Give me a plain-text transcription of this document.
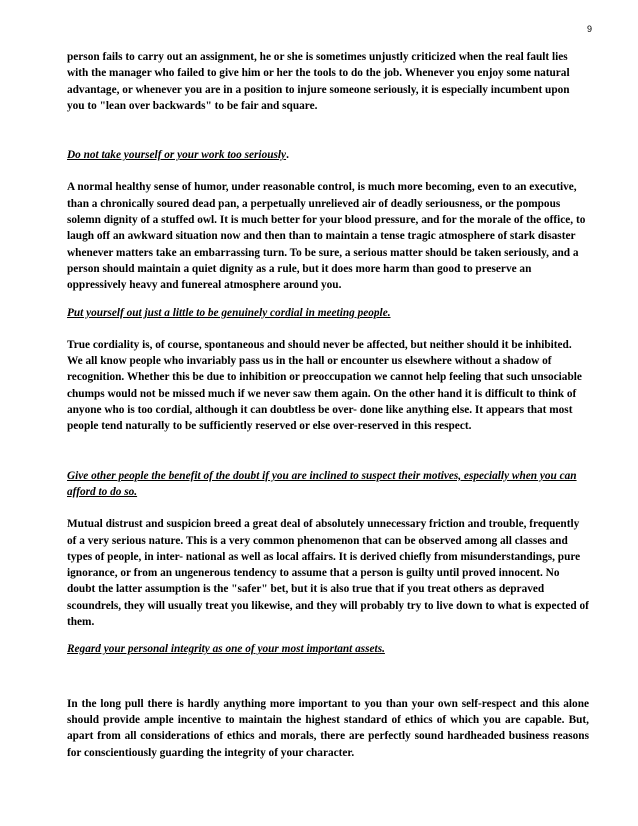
9

person fails to carry out an assignment, he or she is sometimes unjustly criticized when the real fault lies with the manager who failed to give him or her the tools to do the job. Whenever you enjoy some natural advantage, or whenever you are in a position to injure someone seriously, it is especially incumbent upon you to "lean over backwards" to be fair and square.

Do not take yourself or your work too seriously.

A normal healthy sense of humor, under reasonable control, is much more becoming, even to an executive, than a chronically soured dead pan, a perpetually unrelieved air of deadly seriousness, or the pompous solemn dignity of a stuffed owl. It is much better for your blood pressure, and for the morale of the office, to laugh off an awkward situation now and then than to maintain a tense tragic atmosphere of stark disaster whenever matters take an embarrassing turn. To be sure, a serious matter should be taken seriously, and a person should maintain a quiet dignity as a rule, but it does more harm than good to preserve an oppressively heavy and funereal atmosphere around you.

Put yourself out just a little to be genuinely cordial in meeting people.

True cordiality is, of course, spontaneous and should never be affected, but neither should it be inhibited. We all know people who invariably pass us in the hall or encounter us elsewhere without a shadow of recognition. Whether this be due to inhibition or preoccupation we cannot help feeling that such unsociable chumps would not be missed much if we never saw them again. On the other hand it is difficult to think of anyone who is too cordial, although it can doubtless be over- done like anything else. It appears that most people tend naturally to be sufficiently reserved or else over-reserved in this respect.

Give other people the benefit of the doubt if you are inclined to suspect their motives, especially when you can afford to do so.

Mutual distrust and suspicion breed a great deal of absolutely unnecessary friction and trouble, frequently of a very serious nature. This is a very common phenomenon that can be observed among all classes and types of people, in inter- national as well as local affairs. It is derived chiefly from misunderstandings, pure ignorance, or from an ungenerous tendency to assume that a person is guilty until proved innocent. No doubt the latter assumption is the "safer" bet, but it is also true that if you treat others as depraved scoundrels, they will usually treat you likewise, and they will probably try to live down to what is expected of them.

Regard your personal integrity as one of your most important assets.

In the long pull there is hardly anything more important to you than your own self-respect and this alone should provide ample incentive to maintain the highest standard of ethics of which you are capable. But, apart from all considerations of ethics and morals, there are perfectly sound hardheaded business reasons for conscientiously guarding the integrity of your character.
